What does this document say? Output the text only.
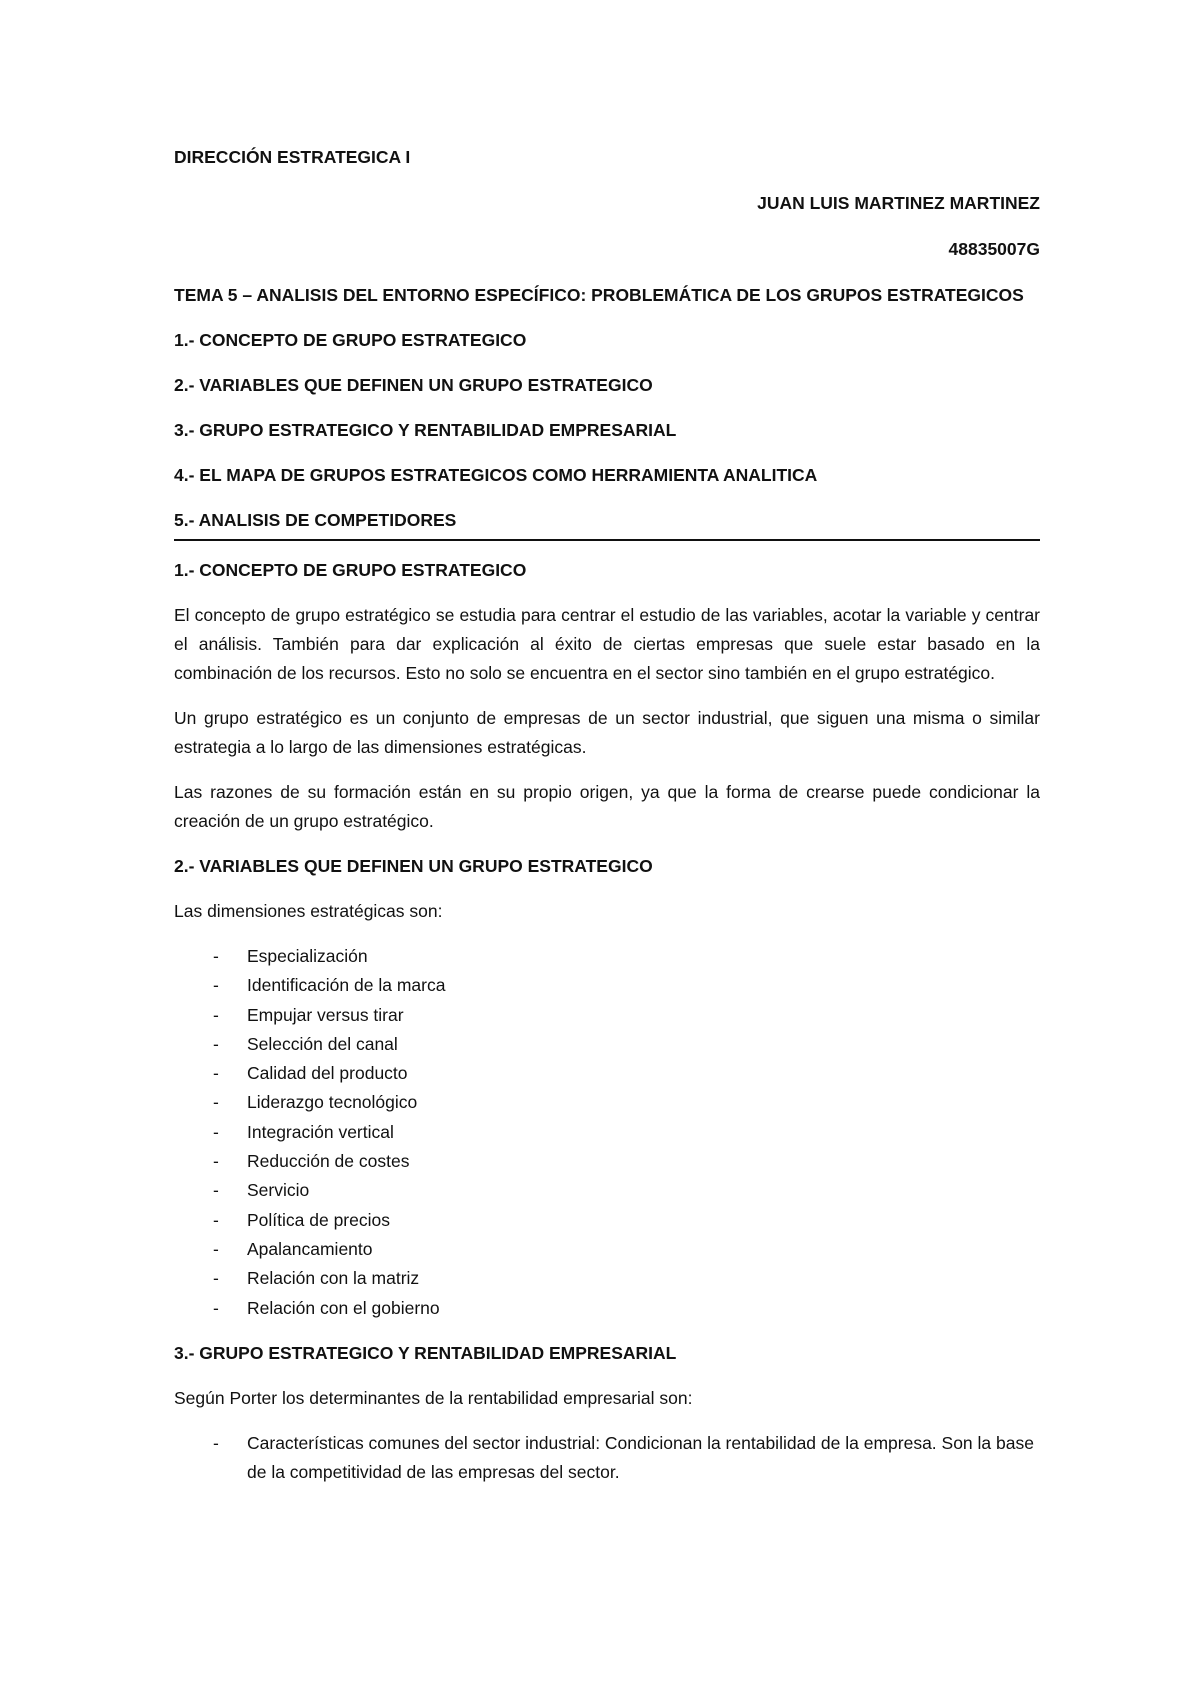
DIRECCIÓN ESTRATEGICA I

JUAN LUIS MARTINEZ MARTINEZ

48835007G

TEMA 5 – ANALISIS DEL ENTORNO ESPECÍFICO: PROBLEMÁTICA DE LOS GRUPOS ESTRATEGICOS

1.- CONCEPTO DE GRUPO ESTRATEGICO

2.- VARIABLES QUE DEFINEN UN GRUPO ESTRATEGICO

3.- GRUPO ESTRATEGICO Y RENTABILIDAD EMPRESARIAL

4.- EL MAPA DE GRUPOS ESTRATEGICOS COMO HERRAMIENTA ANALITICA

5.- ANALISIS DE COMPETIDORES

1.- CONCEPTO DE GRUPO ESTRATEGICO

El concepto de grupo estratégico se estudia para centrar el estudio de las variables, acotar la variable y centrar el análisis. También para dar explicación al éxito de ciertas empresas que suele estar basado en la combinación de los recursos. Esto no solo se encuentra en el sector sino también en el grupo estratégico.

Un grupo estratégico es un conjunto de empresas de un sector industrial, que siguen una misma o similar estrategia a lo largo de las dimensiones estratégicas.

Las razones de su formación están en su propio origen, ya que la forma de crearse puede condicionar la creación de un grupo estratégico.

2.- VARIABLES QUE DEFINEN UN GRUPO ESTRATEGICO

Las dimensiones estratégicas son:

- Especialización
- Identificación de la marca
- Empujar versus tirar
- Selección del canal
- Calidad del producto
- Liderazgo tecnológico
- Integración vertical
- Reducción de costes
- Servicio
- Política de precios
- Apalancamiento
- Relación con la matriz
- Relación con el gobierno

3.- GRUPO ESTRATEGICO Y RENTABILIDAD EMPRESARIAL

Según Porter los determinantes de la rentabilidad empresarial son:

- Características comunes del sector industrial: Condicionan la rentabilidad de la empresa. Son la base de la competitividad de las empresas del sector.
